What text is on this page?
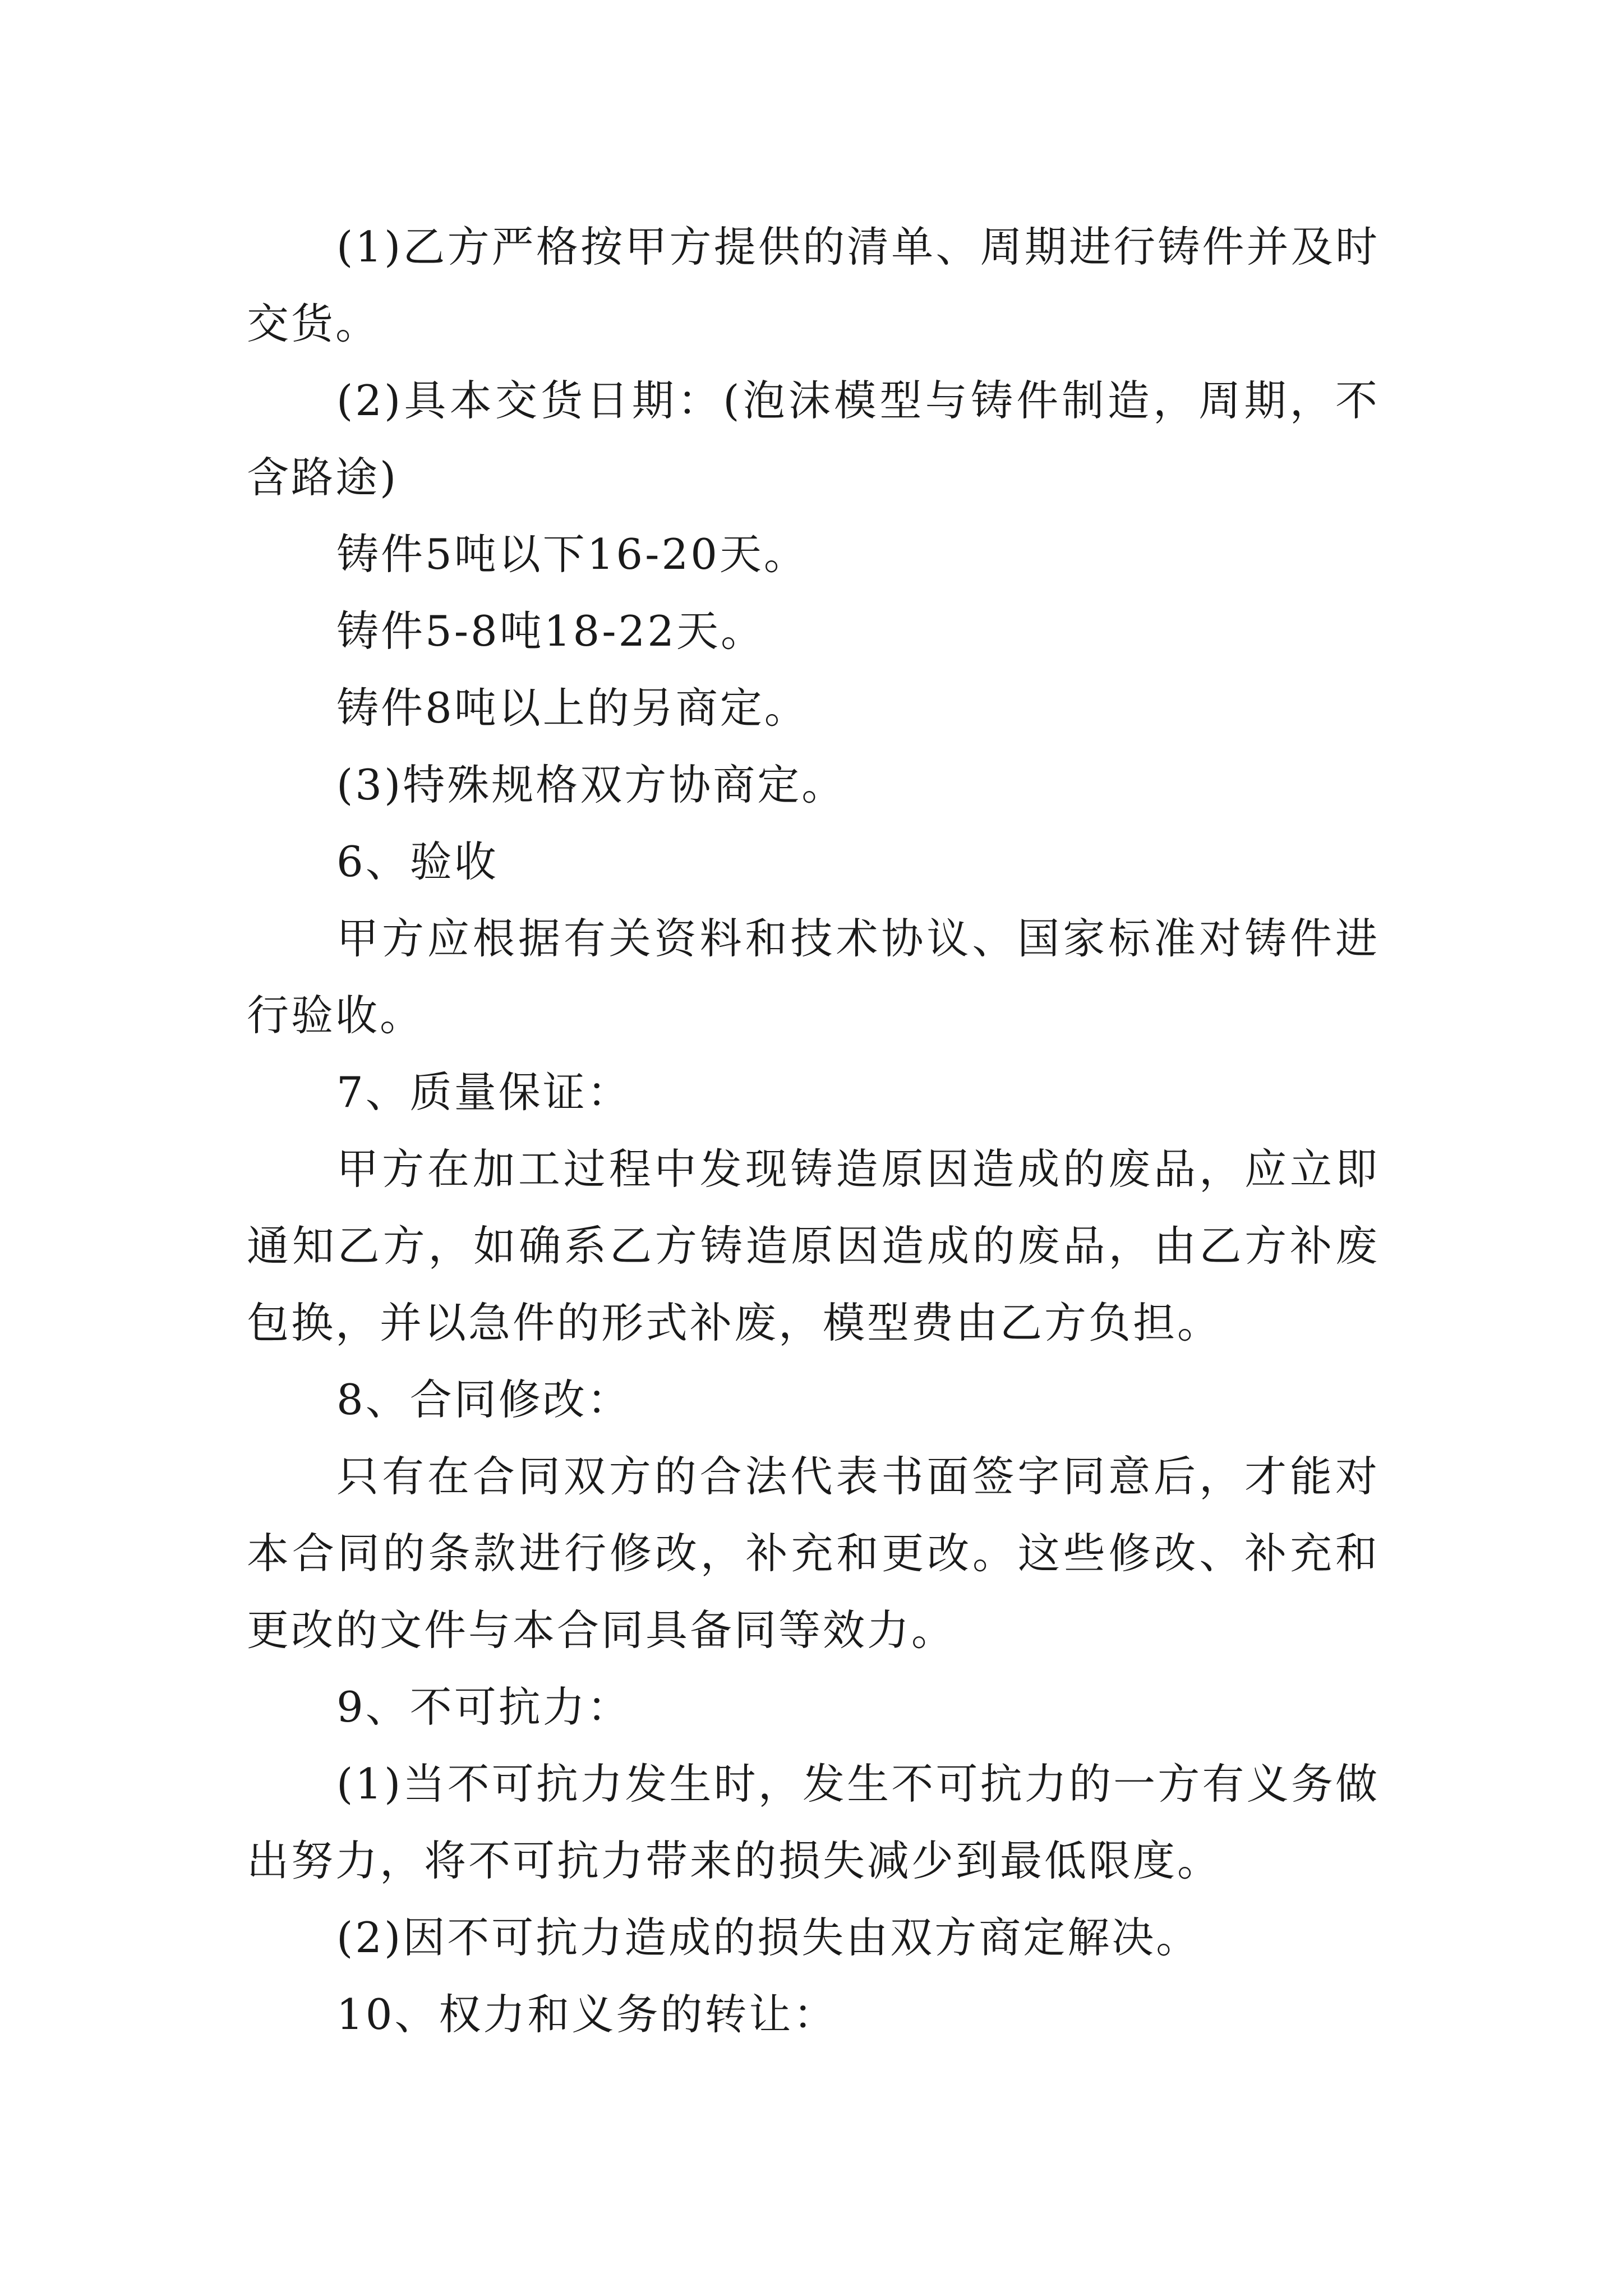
(1)乙方严格按甲方提供的清单、周期进行铸件并及时交货。

(2)具本交货日期：(泡沫模型与铸件制造，周期，不含路途)

铸件5吨以下16-20天。

铸件5-8吨18-22天。

铸件8吨以上的另商定。

(3)特殊规格双方协商定。

6、验收

甲方应根据有关资料和技术协议、国家标准对铸件进行验收。

7、质量保证：

甲方在加工过程中发现铸造原因造成的废品，应立即通知乙方，如确系乙方铸造原因造成的废品，由乙方补废包换，并以急件的形式补废，模型费由乙方负担。

8、合同修改：

只有在合同双方的合法代表书面签字同意后，才能对本合同的条款进行修改，补充和更改。这些修改、补充和更改的文件与本合同具备同等效力。

9、不可抗力：

(1)当不可抗力发生时，发生不可抗力的一方有义务做出努力，将不可抗力带来的损失减少到最低限度。

(2)因不可抗力造成的损失由双方商定解决。

10、权力和义务的转让：
